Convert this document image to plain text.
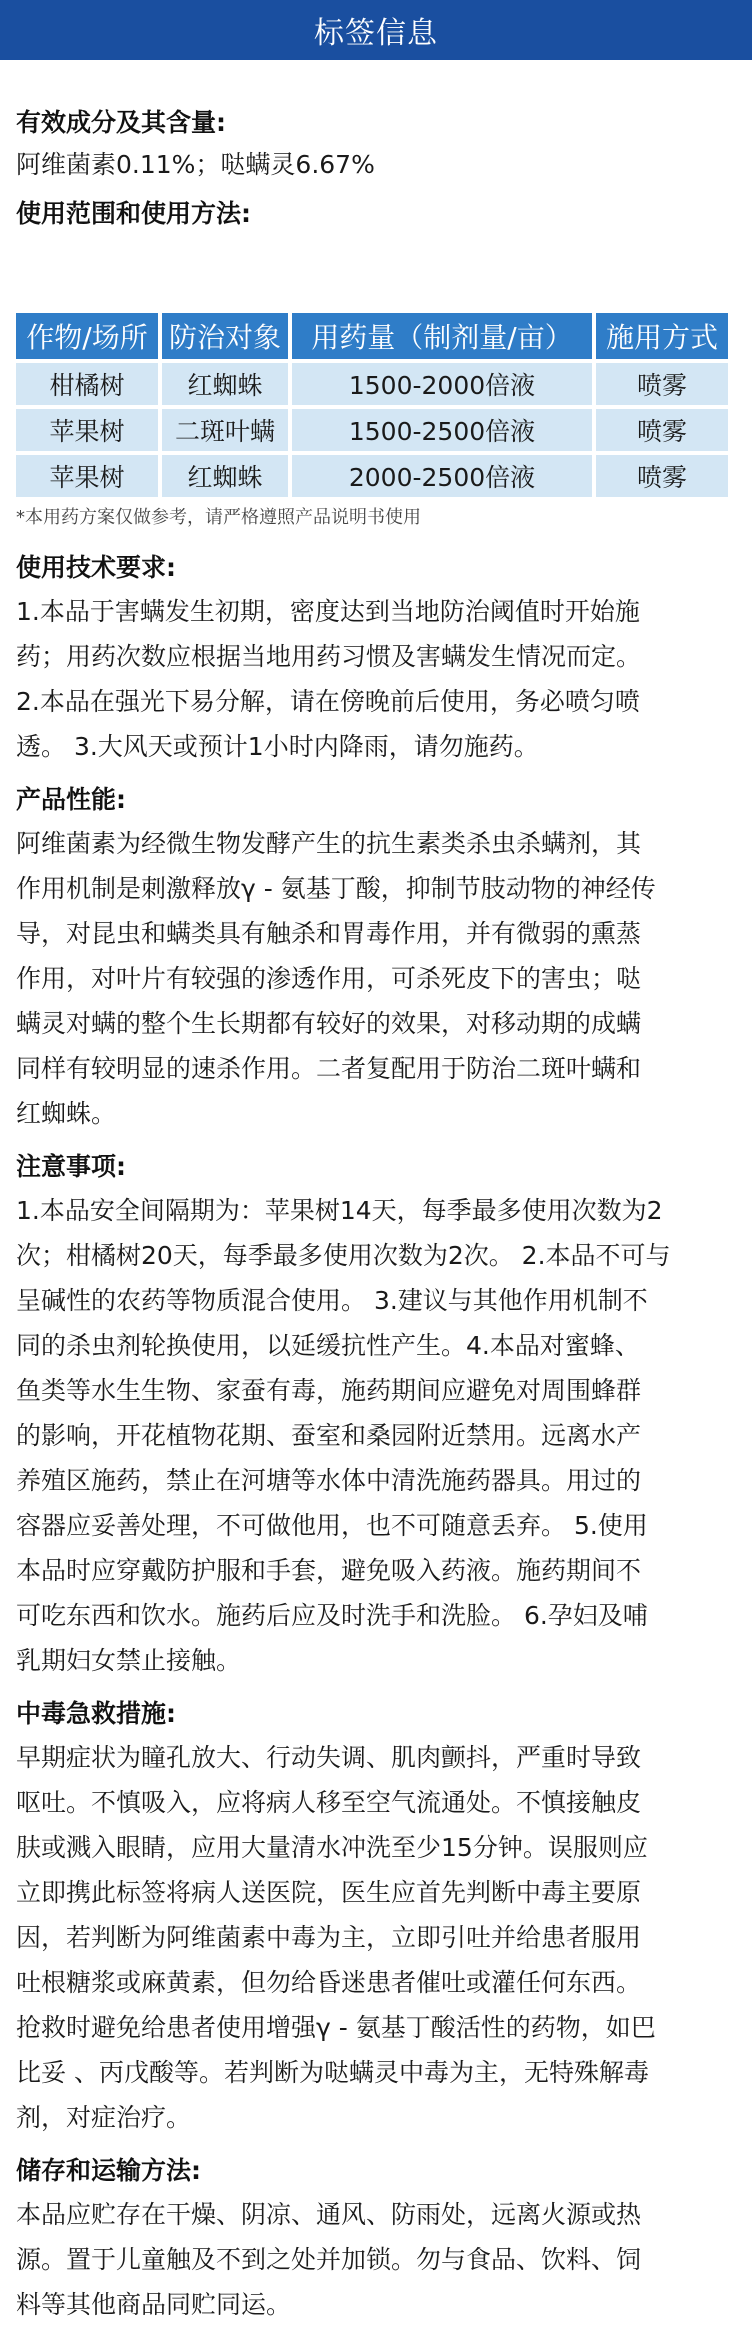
标签信息

有效成分及其含量:

阿维菌素0.11%；哒螨灵6.67%

使用范围和使用方法:

作物/场所	防治对象	用药量（制剂量/亩）	施用方式
柑橘树	红蜘蛛	1500-2000倍液	喷雾
苹果树	二斑叶螨	1500-2500倍液	喷雾
苹果树	红蜘蛛	2000-2500倍液	喷雾
*本用药方案仅做参考，请严格遵照产品说明书使用

使用技术要求:

1.本品于害螨发生初期，密度达到当地防治阈值时开始施

药；用药次数应根据当地用药习惯及害螨发生情况而定。

2.本品在强光下易分解，请在傍晚前后使用，务必喷匀喷

透。 3.大风天或预计1小时内降雨，请勿施药。

产品性能:

阿维菌素为经微生物发酵产生的抗生素类杀虫杀螨剂，其

作用机制是刺激释放γ - 氨基丁酸，抑制节肢动物的神经传

导，对昆虫和螨类具有触杀和胃毒作用，并有微弱的熏蒸

作用，对叶片有较强的渗透作用，可杀死皮下的害虫；哒

螨灵对螨的整个生长期都有较好的效果，对移动期的成螨

同样有较明显的速杀作用。二者复配用于防治二斑叶螨和

红蜘蛛。

注意事项:

1.本品安全间隔期为：苹果树14天，每季最多使用次数为2

次；柑橘树20天，每季最多使用次数为2次。 2.本品不可与

呈碱性的农药等物质混合使用。 3.建议与其他作用机制不

同的杀虫剂轮换使用，以延缓抗性产生。4.本品对蜜蜂、

鱼类等水生生物、家蚕有毒，施药期间应避免对周围蜂群

的影响，开花植物花期、蚕室和桑园附近禁用。远离水产

养殖区施药，禁止在河塘等水体中清洗施药器具。用过的

容器应妥善处理，不可做他用，也不可随意丢弃。 5.使用

本品时应穿戴防护服和手套，避免吸入药液。施药期间不

可吃东西和饮水。施药后应及时洗手和洗脸。 6.孕妇及哺

乳期妇女禁止接触。

中毒急救措施:

早期症状为瞳孔放大、行动失调、肌肉颤抖，严重时导致

呕吐。不慎吸入，应将病人移至空气流通处。不慎接触皮

肤或溅入眼睛，应用大量清水冲洗至少15分钟。误服则应

立即携此标签将病人送医院，医生应首先判断中毒主要原

因，若判断为阿维菌素中毒为主，立即引吐并给患者服用

吐根糖浆或麻黄素，但勿给昏迷患者催吐或灌任何东西。

抢救时避免给患者使用增强γ - 氨基丁酸活性的药物，如巴

比妥 、丙戊酸等。若判断为哒螨灵中毒为主，无特殊解毒

剂，对症治疗。

储存和运输方法:

本品应贮存在干燥、阴凉、通风、防雨处，远离火源或热

源。置于儿童触及不到之处并加锁。勿与食品、饮料、饲

料等其他商品同贮同运。
